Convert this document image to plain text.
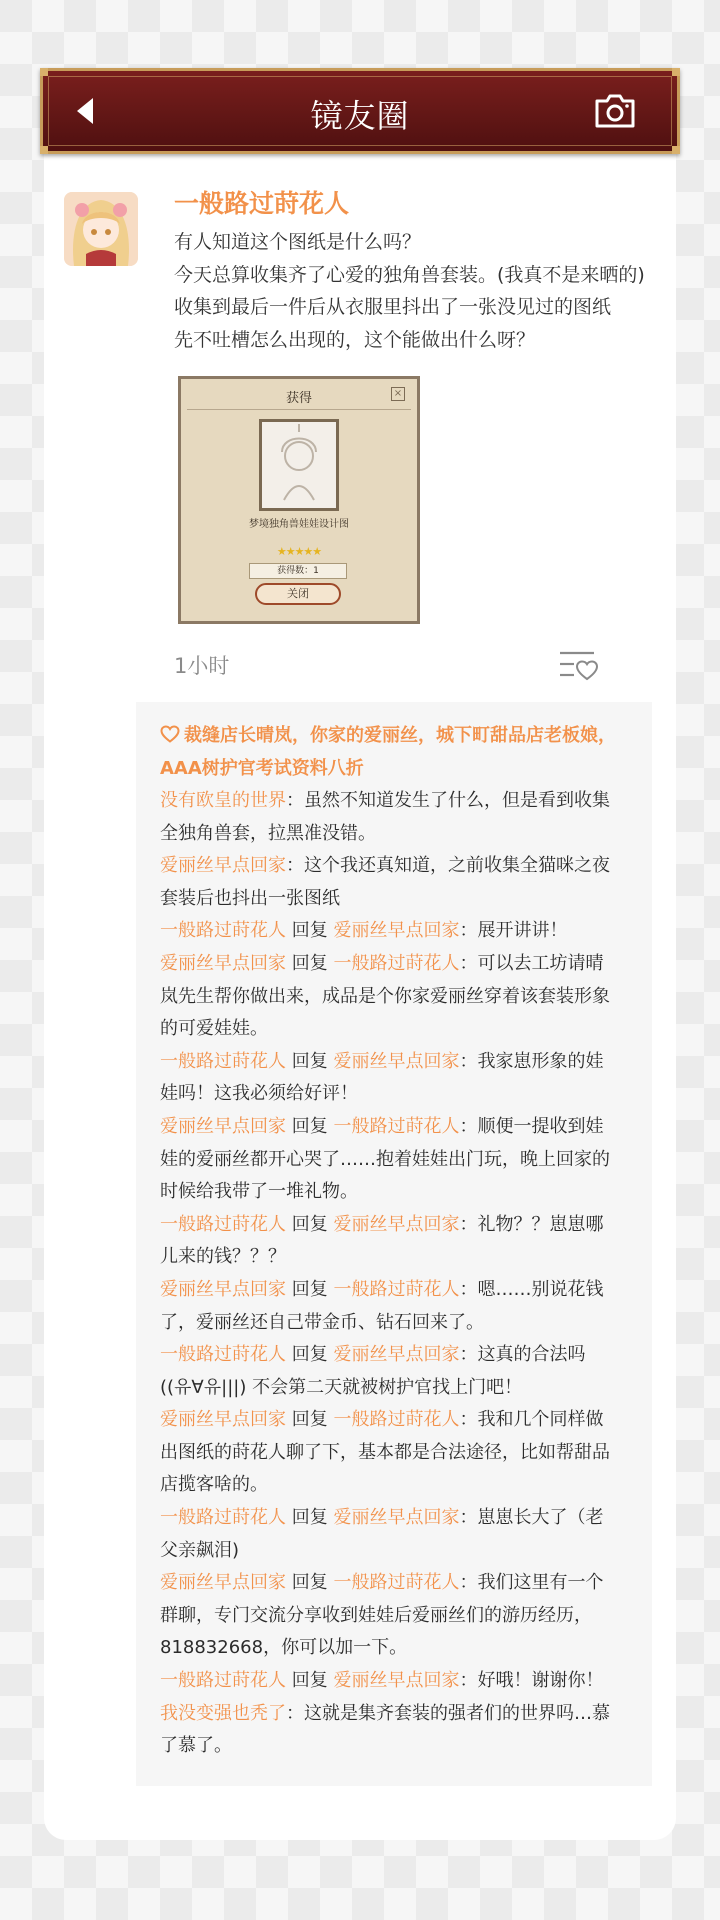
镜友圈
一般路过莳花人
有人知道这个图纸是什么吗？
今天总算收集齐了心爱的独角兽套装。(我真不是来晒的)
收集到最后一件后从衣服里抖出了一张没见过的图纸
先不吐槽怎么出现的，这个能做出什么呀？
获得	×
梦境独角兽娃娃设计图
★★★★★
获得数：1
关闭
1小时
裁缝店长晴岚，你家的爱丽丝，城下町甜品店老板娘，
AAA树护官考试资料八折
没有欧皇的世界：虽然不知道发生了什么，但是看到收集
全独角兽套，拉黑准没错。
爱丽丝早点回家：这个我还真知道，之前收集全猫咪之夜
套装后也抖出一张图纸
一般路过莳花人 回复 爱丽丝早点回家：展开讲讲！
爱丽丝早点回家 回复 一般路过莳花人：可以去工坊请晴
岚先生帮你做出来，成品是个你家爱丽丝穿着该套装形象
的可爱娃娃。
一般路过莳花人 回复 爱丽丝早点回家：我家崽形象的娃
娃吗！这我必须给好评！
爱丽丝早点回家 回复 一般路过莳花人：顺便一提收到娃
娃的爱丽丝都开心哭了……抱着娃娃出门玩，晚上回家的
时候给我带了一堆礼物。
一般路过莳花人 回复 爱丽丝早点回家：礼物？？崽崽哪
儿来的钱？？？
爱丽丝早点回家 回复 一般路过莳花人：嗯……别说花钱
了，爱丽丝还自己带金币、钻石回来了。
一般路过莳花人 回复 爱丽丝早点回家：这真的合法吗
((유∀유|||) 不会第二天就被树护官找上门吧！
爱丽丝早点回家 回复 一般路过莳花人：我和几个同样做
出图纸的莳花人聊了下，基本都是合法途径，比如帮甜品
店揽客啥的。
一般路过莳花人 回复 爱丽丝早点回家：崽崽长大了（老
父亲飙泪)
爱丽丝早点回家 回复 一般路过莳花人：我们这里有一个
群聊，专门交流分享收到娃娃后爱丽丝们的游历经历，
818832668，你可以加一下。
一般路过莳花人 回复 爱丽丝早点回家：好哦！谢谢你！
我没变强也秃了：这就是集齐套装的强者们的世界吗…慕
了慕了。
